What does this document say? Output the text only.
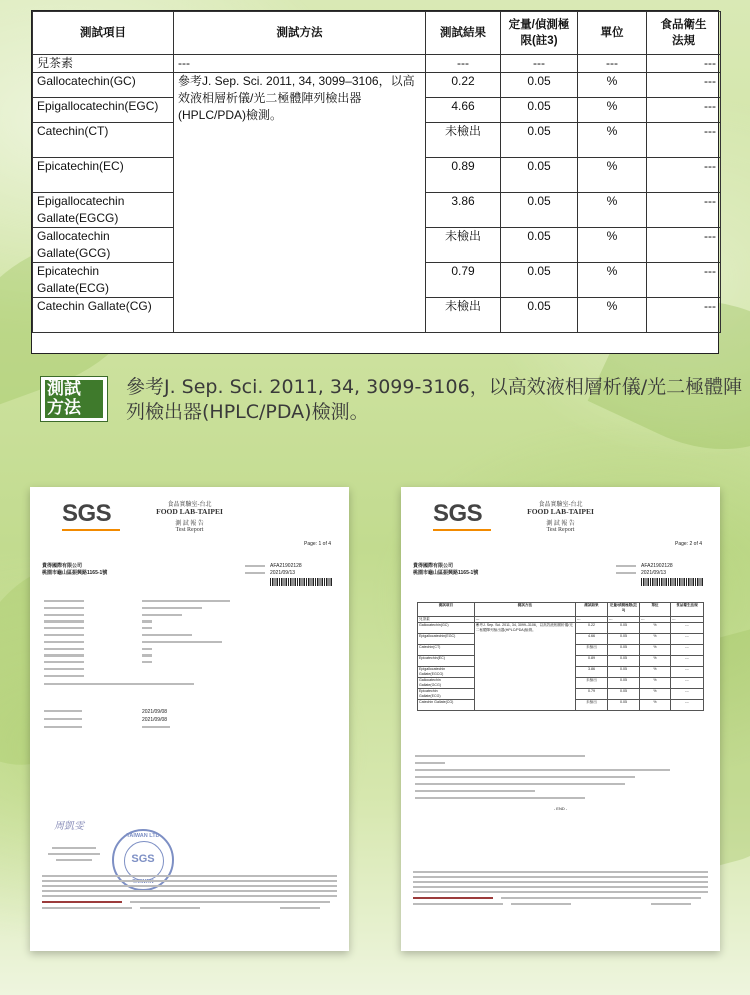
測試項目	測試方法	測試結果	定量/偵測極限(註3)	單位	食品衛生法規
兒茶素	---	---	---	---	---

Gallocatechin(GC)	參考J. Sep. Sci. 2011, 34, 3099–3106，以高效液相層析儀/光二極體陣列檢出器(HPLC/PDA)檢測。	0.22	0.05	%	---

Epigallocatechin(EGC)		4.66	0.05	%	---

Catechin(CT)		未檢出	0.05	%	---

Epicatechin(EC)		0.89	0.05	%	---

Epigallocatechin
Gallate(EGCG)		3.86	0.05	%	---

Gallocatechin
Gallate(GCG)		未檢出	0.05	%	---

Epicatechin
Gallate(ECG)		0.79	0.05	%	---

Catechin Gallate(CG)		未檢出	0.05	%	---
測試
方法
參考J. Sep. Sci. 2011, 34, 3099-3106，以高效液相層析儀/光二極體陣列檢出器(HPLC/PDA)檢測。
SGS	食品實驗室-台北
FOOD LAB-TAIPEI
測 試 報 告
Test Report
Page: 1 of 4
貴得國際有限公司
桃園市龜山區振興路1165-1號
AFA21902128
2021/09/13
2021/09/08
2021/09/08
周凱雯
TAIWAN LTD
SGS
SGS	食品實驗室-台北
FOOD LAB-TAIPEI
測 試 報 告
Test Report
Page: 2 of 4
貴得國際有限公司
桃園市龜山區振興路1165-1號
AFA21902128
2021/09/13
測試項目	測試方法	測試結果	定量/偵測極限(註3)	單位	食品衛生法規
兒茶素	---	---	---	---	---

Gallocatechin(GC)	參考J. Sep. Sci. 2011, 34, 3099–3106，以高效液相層析儀/光二極體陣列檢出器(HPLC/PDA)檢測。	0.22	0.05	%	---

Epigallocatechin(EGC)		4.66	0.05	%	---

Catechin(CT)		未檢出	0.05	%	---

Epicatechin(EC)		0.89	0.05	%	---

Epigallocatechin
Gallate(EGCG)		3.86	0.05	%	---

Gallocatechin
Gallate(GCG)		未檢出	0.05	%	---

Epicatechin
Gallate(ECG)		0.79	0.05	%	---

Catechin Gallate(CG)		未檢出	0.05	%	---
- END -
